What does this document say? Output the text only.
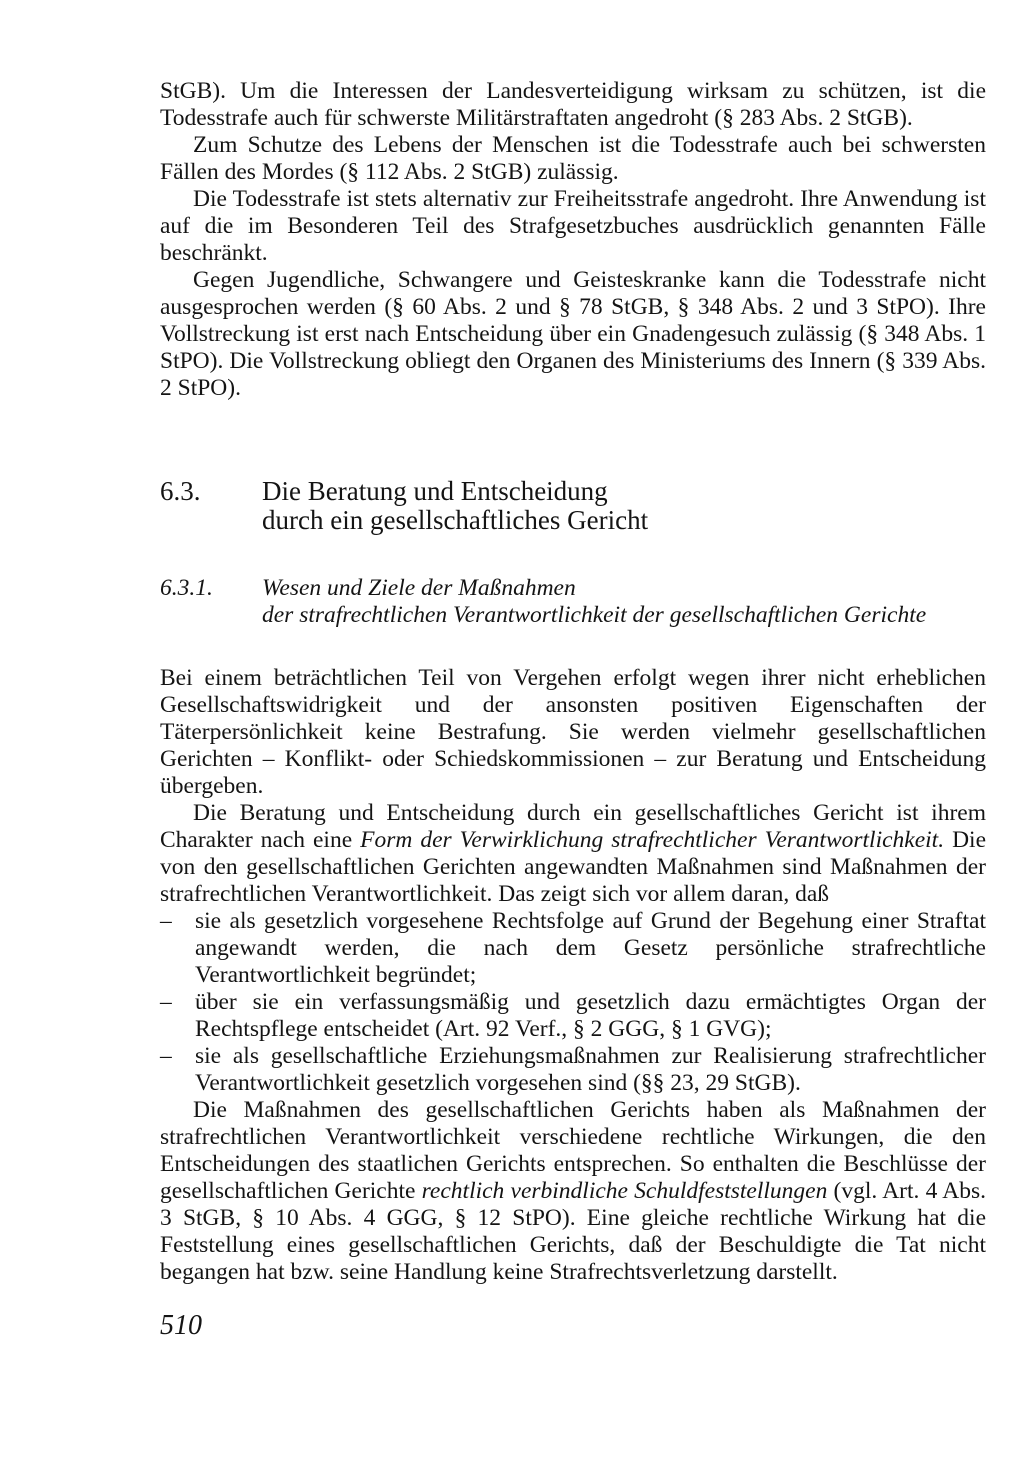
StGB). Um die Interessen der Landesverteidigung wirksam zu schützen, ist die Todesstrafe auch für schwerste Militärstraftaten angedroht (§ 283 Abs. 2 StGB).

Zum Schutze des Lebens der Menschen ist die Todesstrafe auch bei schwersten Fällen des Mordes (§ 112 Abs. 2 StGB) zulässig.

Die Todesstrafe ist stets alternativ zur Freiheitsstrafe angedroht. Ihre Anwendung ist auf die im Besonderen Teil des Strafgesetzbuches ausdrücklich genannten Fälle beschränkt.

Gegen Jugendliche, Schwangere und Geisteskranke kann die Todesstrafe nicht ausgesprochen werden (§ 60 Abs. 2 und § 78 StGB, § 348 Abs. 2 und 3 StPO). Ihre Vollstreckung ist erst nach Entscheidung über ein Gnadengesuch zulässig (§ 348 Abs. 1 StPO). Die Vollstreckung obliegt den Organen des Ministeriums des Innern (§ 339 Abs. 2 StPO).

6.3. Die Beratung und Entscheidung
durch ein gesellschaftliches Gericht
6.3.1. Wesen und Ziele der Maßnahmen
der strafrechtlichen Verantwortlichkeit der gesellschaftlichen Gerichte

Bei einem beträchtlichen Teil von Vergehen erfolgt wegen ihrer nicht erheblichen Gesellschaftswidrigkeit und der ansonsten positiven Eigenschaften der Täterpersönlichkeit keine Bestrafung. Sie werden vielmehr gesellschaftlichen Gerichten – Konflikt- oder Schiedskommissionen – zur Beratung und Entscheidung übergeben.

Die Beratung und Entscheidung durch ein gesellschaftliches Gericht ist ihrem Charakter nach eine Form der Verwirklichung strafrechtlicher Verantwortlichkeit. Die von den gesellschaftlichen Gerichten angewandten Maßnahmen sind Maßnahmen der strafrechtlichen Verantwortlichkeit. Das zeigt sich vor allem daran, daß

– sie als gesetzlich vorgesehene Rechtsfolge auf Grund der Begehung einer Straftat angewandt werden, die nach dem Gesetz persönliche strafrechtliche Verantwortlichkeit begründet;
– über sie ein verfassungsmäßig und gesetzlich dazu ermächtigtes Organ der Rechtspflege entscheidet (Art. 92 Verf., § 2 GGG, § 1 GVG);
– sie als gesellschaftliche Erziehungsmaßnahmen zur Realisierung strafrechtlicher Verantwortlichkeit gesetzlich vorgesehen sind (§§ 23, 29 StGB).

Die Maßnahmen des gesellschaftlichen Gerichts haben als Maßnahmen der strafrechtlichen Verantwortlichkeit verschiedene rechtliche Wirkungen, die den Entscheidungen des staatlichen Gerichts entsprechen. So enthalten die Beschlüsse der gesellschaftlichen Gerichte rechtlich verbindliche Schuldfeststellungen (vgl. Art. 4 Abs. 3 StGB, § 10 Abs. 4 GGG, § 12 StPO). Eine gleiche rechtliche Wirkung hat die Feststellung eines gesellschaftlichen Gerichts, daß der Beschuldigte die Tat nicht begangen hat bzw. seine Handlung keine Strafrechtsverletzung darstellt.

510
